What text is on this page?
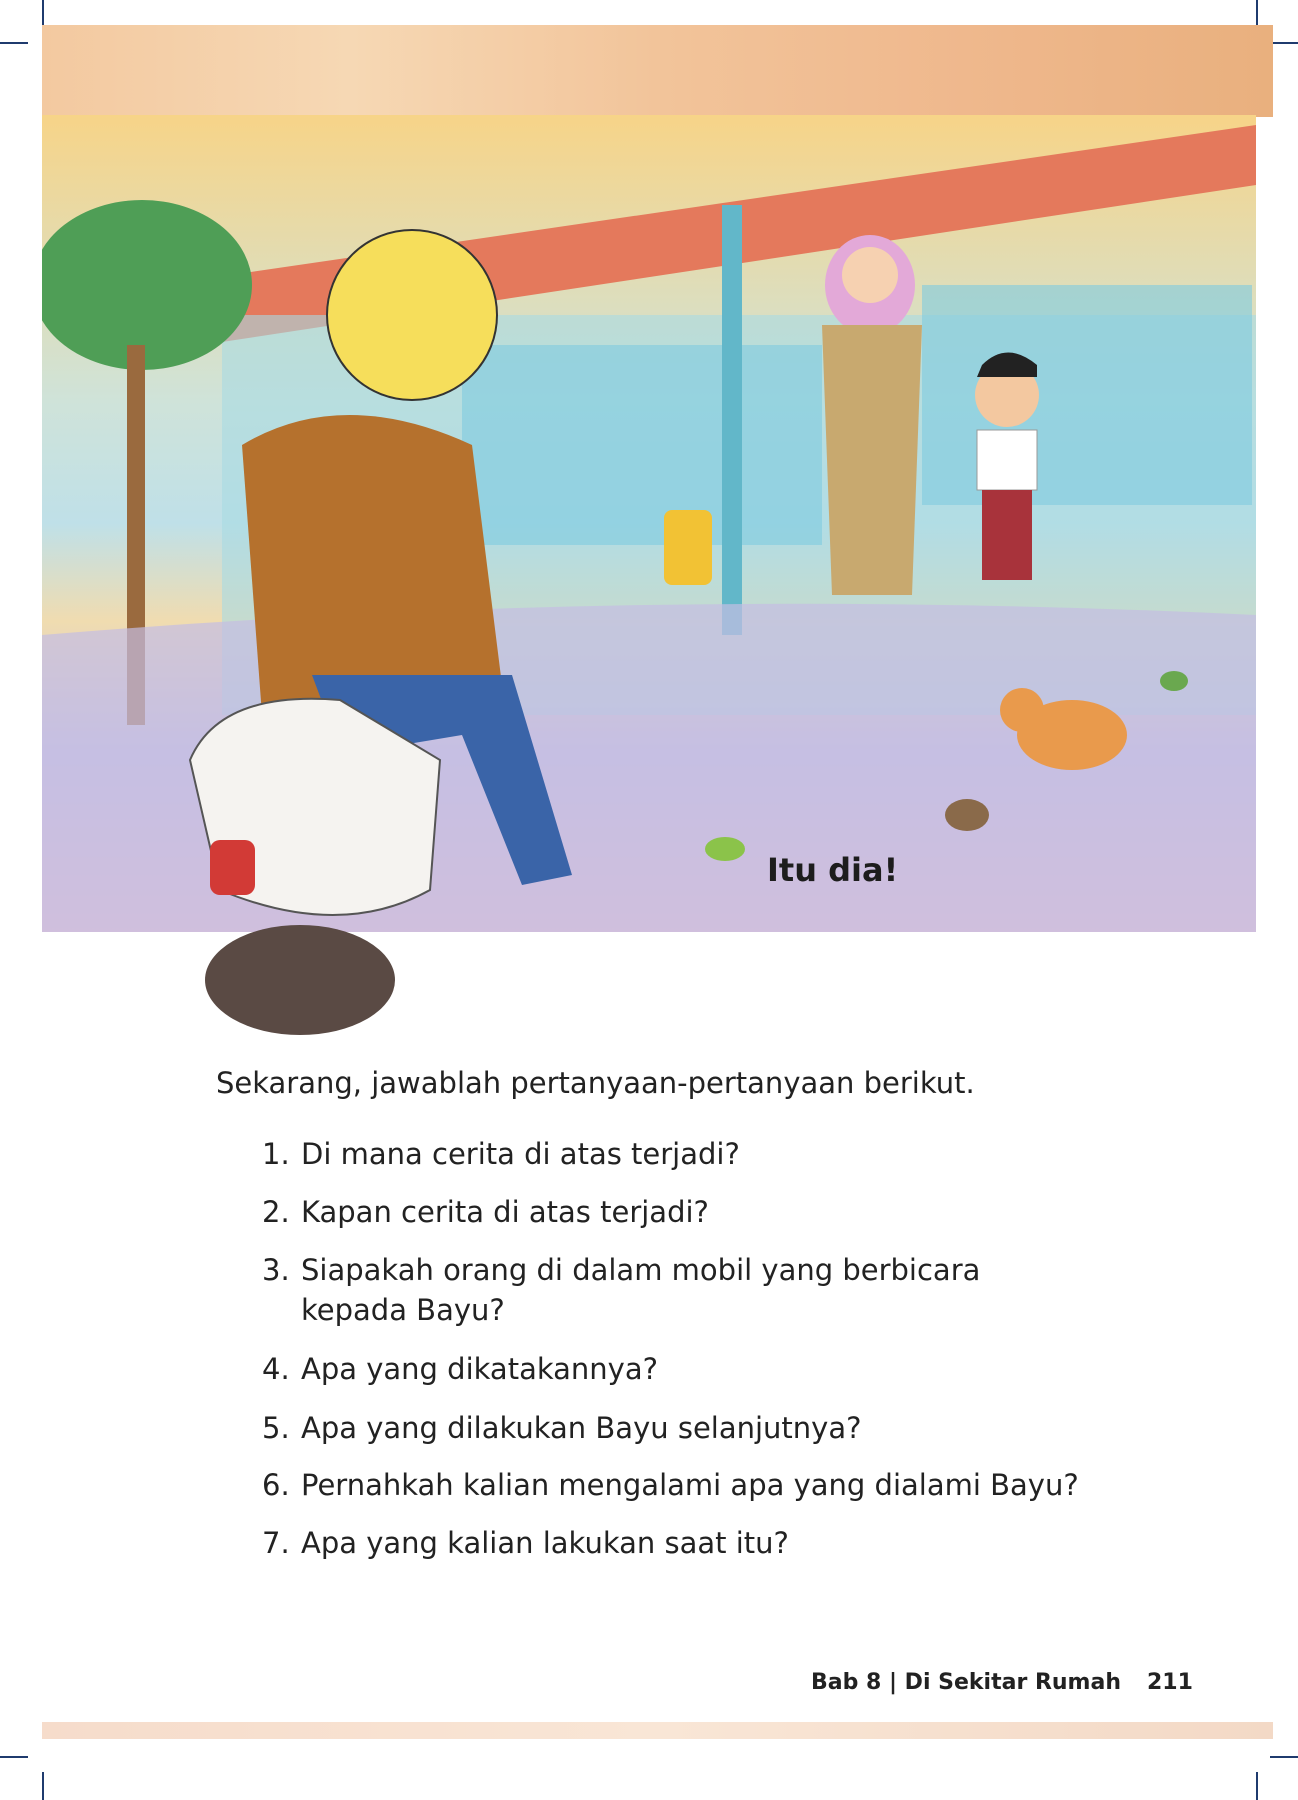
Itu dia!
Sekarang, jawablah pertanyaan-pertanyaan berikut.
1. Di mana cerita di atas terjadi?
2. Kapan cerita di atas terjadi?
3. Siapakah orang di dalam mobil yang berbicara
kepada Bayu?
4. Apa yang dikatakannya?
5. Apa yang dilakukan Bayu selanjutnya?
6. Pernahkah kalian mengalami apa yang dialami Bayu?
7. Apa yang kalian lakukan saat itu?
Bab 8 | Di Sekitar Rumah 211
